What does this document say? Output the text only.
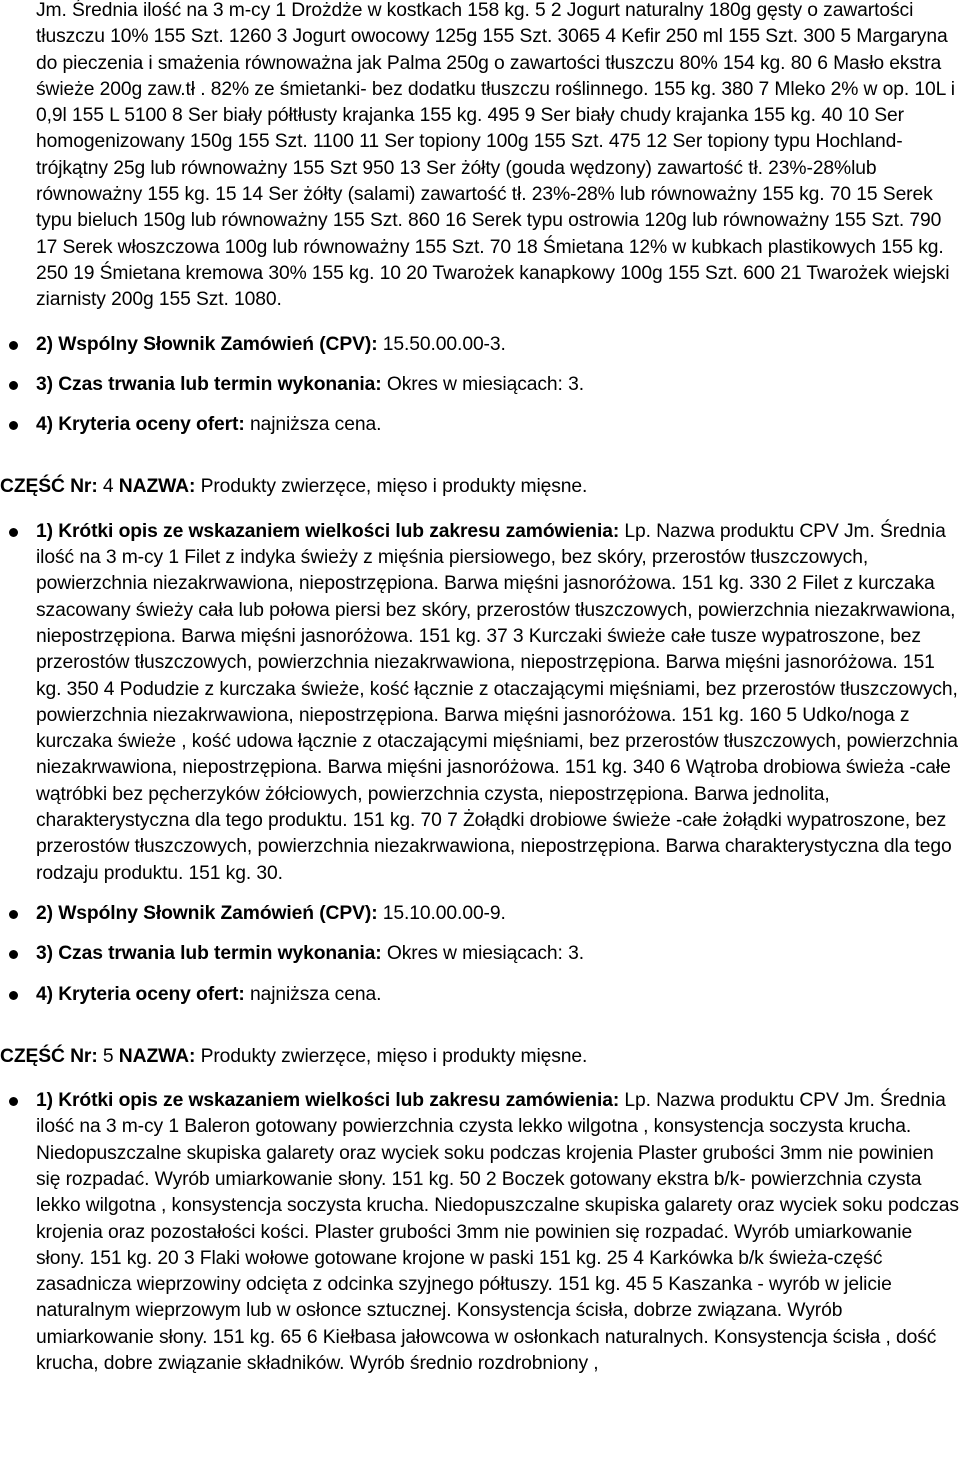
Jm. Średnia ilość na 3 m-cy 1 Drożdże w kostkach 158 kg. 5 2 Jogurt naturalny 180g gęsty o zawartości tłuszczu 10% 155 Szt. 1260 3 Jogurt owocowy 125g 155 Szt. 3065 4 Kefir 250 ml 155 Szt. 300 5 Margaryna do pieczenia i smażenia równoważna jak Palma 250g o zawartości tłuszczu 80% 154 kg. 80 6 Masło ekstra świeże 200g zaw.tł . 82% ze śmietanki- bez dodatku tłuszczu roślinnego. 155 kg. 380 7 Mleko 2% w op. 10L i 0,9l 155 L 5100 8 Ser biały półtłusty krajanka 155 kg. 495 9 Ser biały chudy krajanka 155 kg. 40 10 Ser homogenizowany 150g 155 Szt. 1100 11 Ser topiony 100g 155 Szt. 475 12 Ser topiony typu Hochland-trójkątny 25g lub równoważny 155 Szt 950 13 Ser żółty (gouda wędzony) zawartość tł. 23%-28%lub równoważny 155 kg. 15 14 Ser żółty (salami) zawartość tł. 23%-28% lub równoważny 155 kg. 70 15 Serek typu bieluch 150g lub równoważny 155 Szt. 860 16 Serek typu ostrowia 120g lub równoważny 155 Szt. 790 17 Serek włoszczowa 100g lub równoważny 155 Szt. 70 18 Śmietana 12% w kubkach plastikowych 155 kg. 250 19 Śmietana kremowa 30% 155 kg. 10 20 Twarożek kanapkowy 100g 155 Szt. 600 21 Twarożek wiejski ziarnisty 200g 155 Szt. 1080.

2) Wspólny Słownik Zamówień (CPV): 15.50.00.00-3.
3) Czas trwania lub termin wykonania: Okres w miesiącach: 3.
4) Kryteria oceny ofert: najniższa cena.

CZĘŚĆ Nr: 4 NAZWA: Produkty zwierzęce, mięso i produkty mięsne.

1) Krótki opis ze wskazaniem wielkości lub zakresu zamówienia: Lp. Nazwa produktu CPV Jm. Średnia ilość na 3 m-cy 1 Filet z indyka świeży z mięśnia piersiowego, bez skóry, przerostów tłuszczowych, powierzchnia niezakrwawiona, niepostrzępiona. Barwa mięśni jasnoróżowa. 151 kg. 330 2 Filet z kurczaka szacowany świeży cała lub połowa piersi bez skóry, przerostów tłuszczowych, powierzchnia niezakrwawiona, niepostrzępiona. Barwa mięśni jasnoróżowa. 151 kg. 37 3 Kurczaki świeże całe tusze wypatroszone, bez przerostów tłuszczowych, powierzchnia niezakrwawiona, niepostrzępiona. Barwa mięśni jasnoróżowa. 151 kg. 350 4 Podudzie z kurczaka świeże, kość łącznie z otaczającymi mięśniami, bez przerostów tłuszczowych, powierzchnia niezakrwawiona, niepostrzępiona. Barwa mięśni jasnoróżowa. 151 kg. 160 5 Udko/noga z kurczaka świeże , kość udowa łącznie z otaczającymi mięśniami, bez przerostów tłuszczowych, powierzchnia niezakrwawiona, niepostrzępiona. Barwa mięśni jasnoróżowa. 151 kg. 340 6 Wątroba drobiowa świeża -całe wątróbki bez pęcherzyków żółciowych, powierzchnia czysta, niepostrzępiona. Barwa jednolita, charakterystyczna dla tego produktu. 151 kg. 70 7 Żołądki drobiowe świeże -całe żołądki wypatroszone, bez przerostów tłuszczowych, powierzchnia niezakrwawiona, niepostrzępiona. Barwa charakterystyczna dla tego rodzaju produktu. 151 kg. 30.
2) Wspólny Słownik Zamówień (CPV): 15.10.00.00-9.
3) Czas trwania lub termin wykonania: Okres w miesiącach: 3.
4) Kryteria oceny ofert: najniższa cena.

CZĘŚĆ Nr: 5 NAZWA: Produkty zwierzęce, mięso i produkty mięsne.

1) Krótki opis ze wskazaniem wielkości lub zakresu zamówienia: Lp. Nazwa produktu CPV Jm. Średnia ilość na 3 m-cy 1 Baleron gotowany powierzchnia czysta lekko wilgotna , konsystencja soczysta krucha. Niedopuszczalne skupiska galarety oraz wyciek soku podczas krojenia Plaster grubości 3mm nie powinien się rozpadać. Wyrób umiarkowanie słony. 151 kg. 50 2 Boczek gotowany ekstra b/k- powierzchnia czysta lekko wilgotna , konsystencja soczysta krucha. Niedopuszczalne skupiska galarety oraz wyciek soku podczas krojenia oraz pozostałości kości. Plaster grubości 3mm nie powinien się rozpadać. Wyrób umiarkowanie słony. 151 kg. 20 3 Flaki wołowe gotowane krojone w paski 151 kg. 25 4 Karkówka b/k świeża-część zasadnicza wieprzowiny odcięta z odcinka szyjnego półtuszy. 151 kg. 45 5 Kaszanka - wyrób w jelicie naturalnym wieprzowym lub w osłonce sztucznej. Konsystencja ścisła, dobrze związana. Wyrób umiarkowanie słony. 151 kg. 65 6 Kiełbasa jałowcowa w osłonkach naturalnych. Konsystencja ścisła , dość krucha, dobre związanie składników. Wyrób średnio rozdrobniony ,
